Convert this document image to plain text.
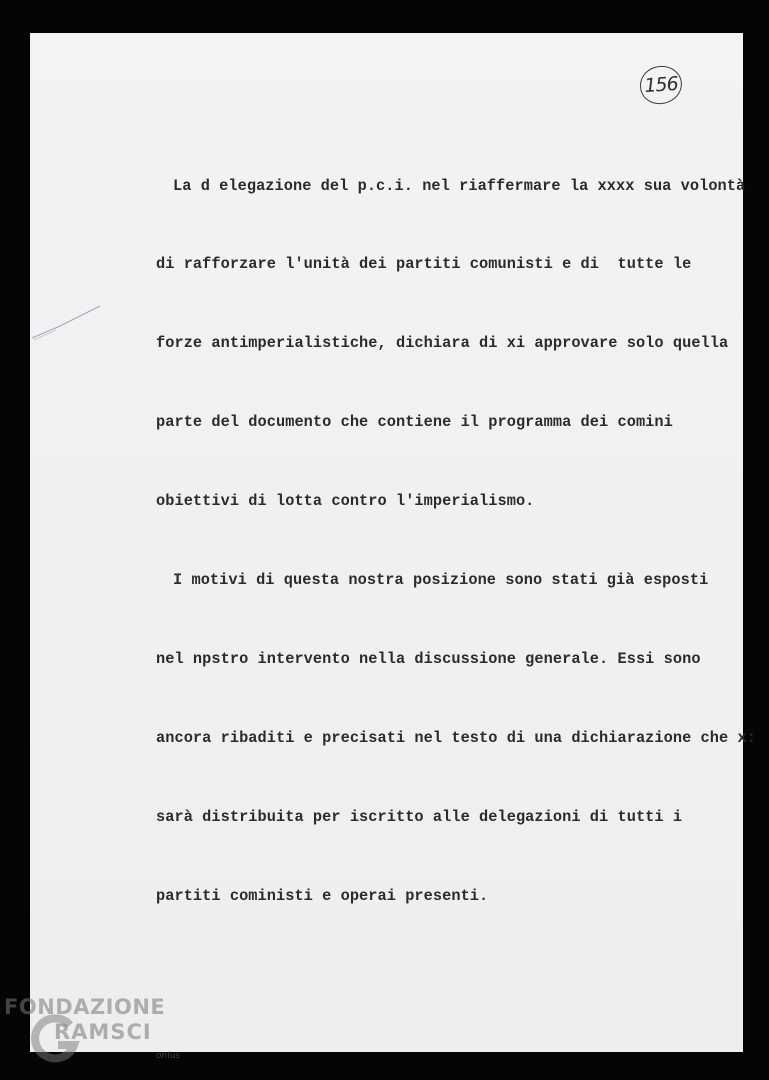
156

La d elegazione del p.c.i. nel riaffermare la xxxx sua volontà

di rafforzare l'unità dei partiti comunisti e di  tutte le

forze antimperialistiche, dichiara di xi approvare solo quella

parte del documento che contiene il programma dei comini

obiettivi di lotta contro l'imperialismo.

I motivi di questa nostra posizione sono stati già esposti

nel npstro intervento nella discussione generale. Essi sono

ancora ribaditi e precisati nel testo di una dichiarazione che x:

sarà distribuita per iscritto alle delegazioni di tutti i

partiti coministi e operai presenti.

FONDAZIONE
RAMSCI
onlus
